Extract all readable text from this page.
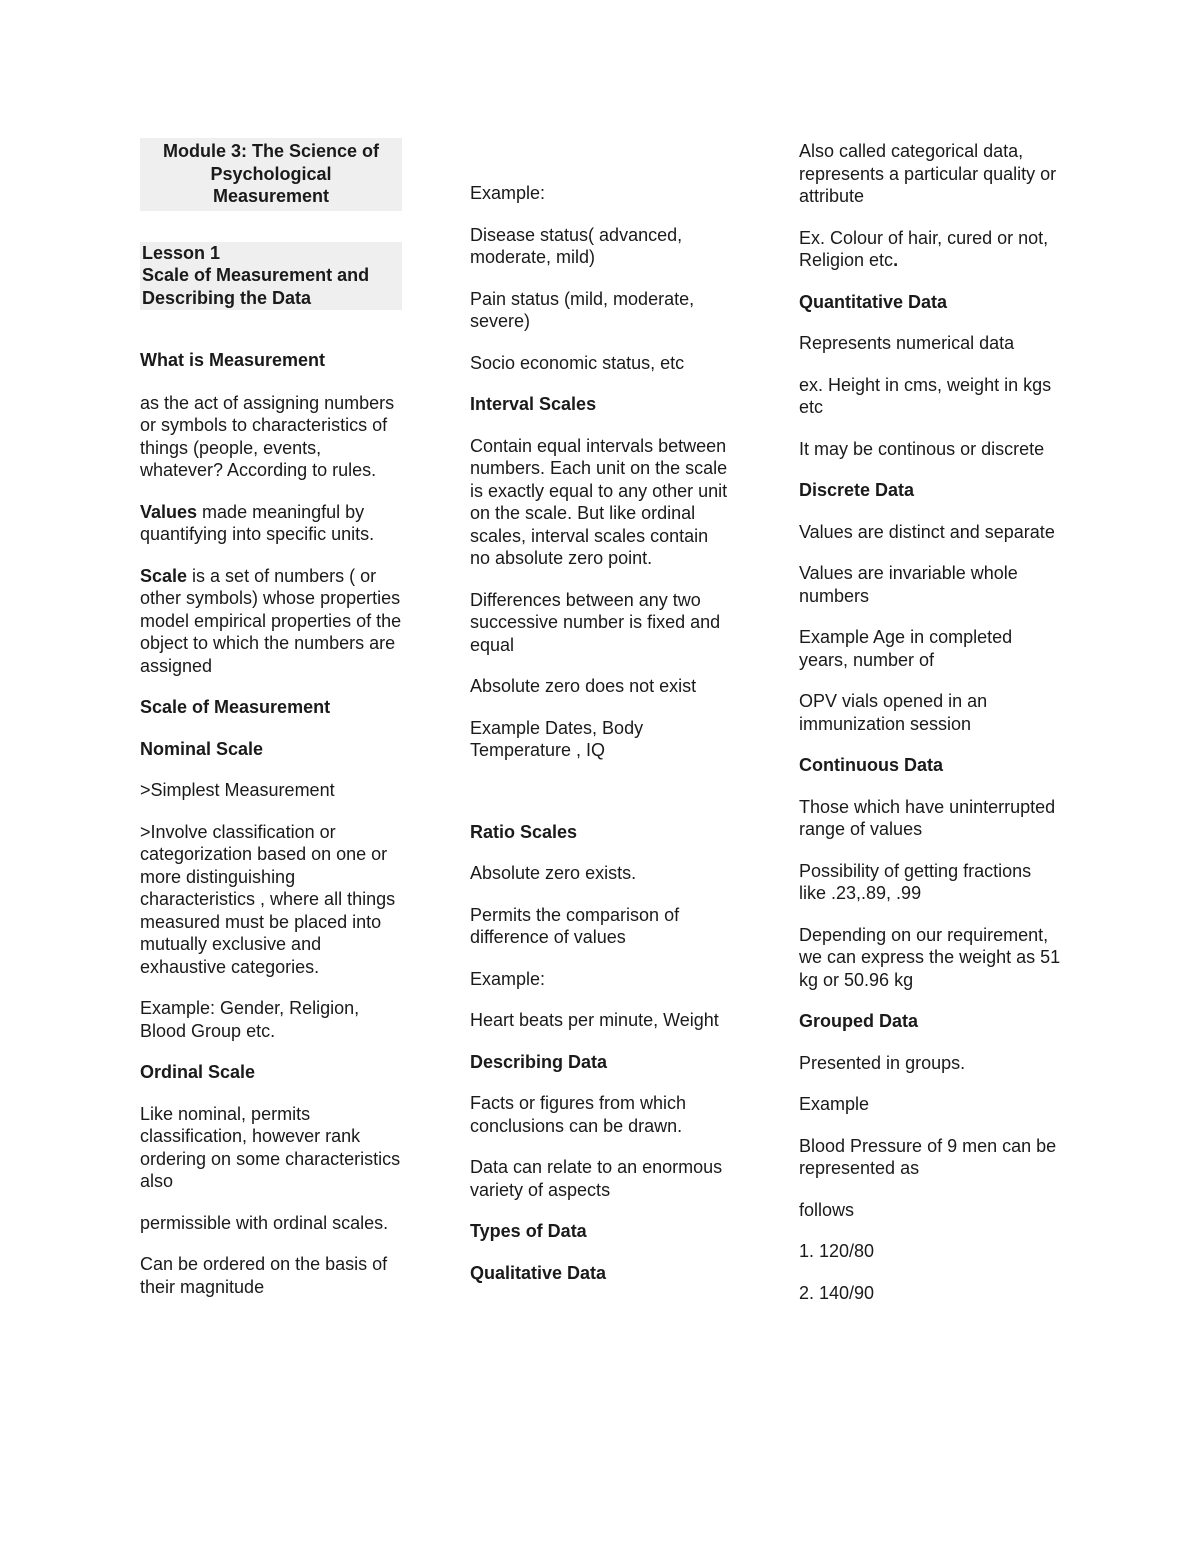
Module 3: The Science of
Psychological
Measurement

Lesson 1
Scale of Measurement and
Describing the Data

What is Measurement

as the act of assigning numbers or symbols to characteristics of things (people, events, whatever? According to rules.

Values made meaningful by quantifying into specific units.

Scale is a set of numbers ( or other symbols) whose properties model empirical properties of the object to which the numbers are assigned

Scale of Measurement

Nominal Scale

>Simplest Measurement

>Involve classification or categorization based on one or more distinguishing characteristics , where all things measured must be placed into mutually exclusive and exhaustive categories.

Example: Gender, Religion, Blood Group etc.

Ordinal Scale

Like nominal, permits classification, however rank ordering on some characteristics also

permissible with ordinal scales.

Can be ordered on the basis of their magnitude

Example:

Disease status( advanced, moderate, mild)

Pain status (mild, moderate, severe)

Socio economic status, etc

Interval Scales

Contain equal intervals between numbers. Each unit on the scale is exactly equal to any other unit on the scale. But like ordinal scales, interval scales contain no absolute zero point.

Differences between any two successive number is fixed and equal

Absolute zero does not exist

Example Dates, Body Temperature , IQ

Ratio Scales

Absolute zero exists.

Permits the comparison of difference of values

Example:

Heart beats per minute, Weight

Describing Data

Facts or figures from which conclusions can be drawn.

Data can relate to an enormous variety of aspects

Types of Data

Qualitative Data

Also called categorical data, represents a particular quality or attribute

Ex. Colour of hair, cured or not, Religion etc.

Quantitative Data

Represents numerical data

ex. Height in cms, weight in kgs etc

It may be continous or discrete

Discrete Data

Values are distinct and separate

Values are invariable whole numbers

Example Age in completed years, number of

OPV vials opened in an immunization session

Continuous Data

Those which have uninterrupted range of values

Possibility of getting fractions like .23,.89, .99

Depending on our requirement, we can express the weight as 51 kg or 50.96 kg

Grouped Data

Presented in groups.

Example

Blood Pressure of 9 men can be represented as

follows

1. 120/80

2. 140/90
